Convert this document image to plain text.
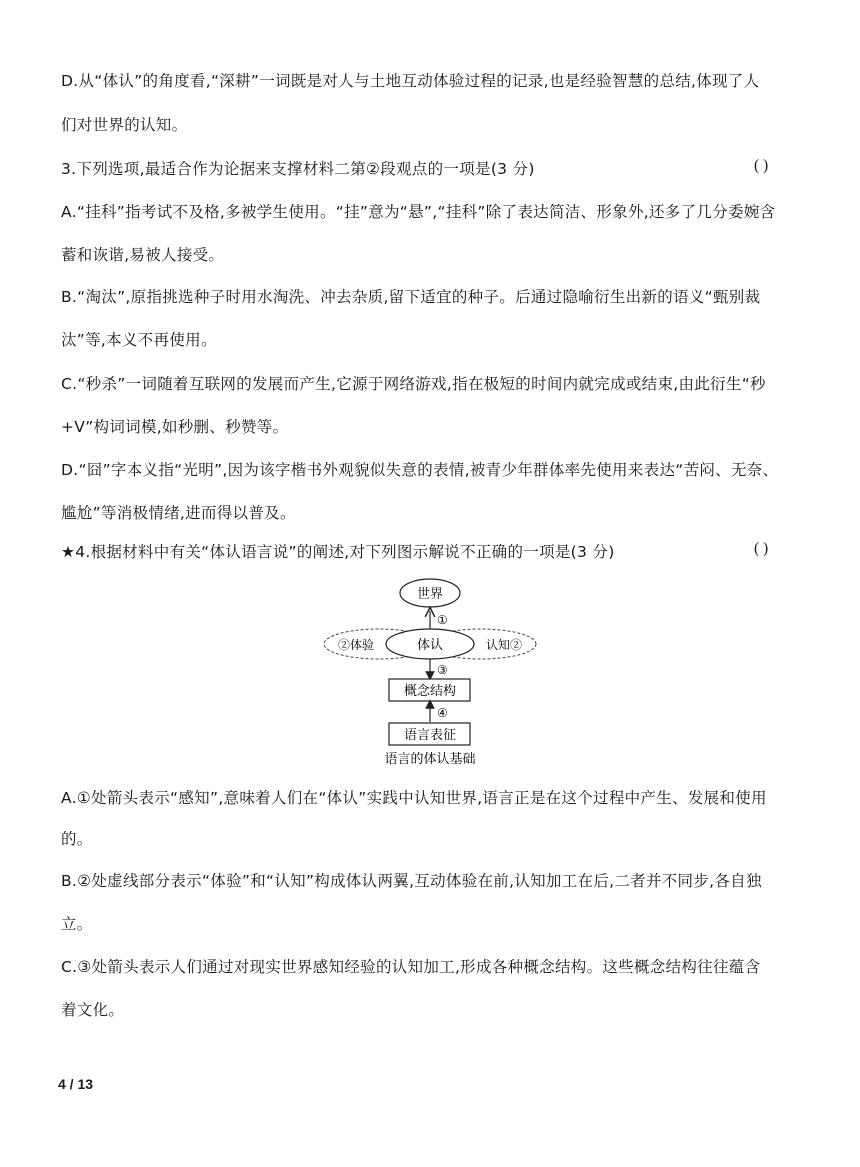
D.从“体认”的角度看,“深耕”一词既是对人与土地互动体验过程的记录,也是经验智慧的总结,体现了人
们对世界的认知。
3.下列选项,最适合作为论据来支撑材料二第②段观点的一项是(3 分)	( )
A.“挂科”指考试不及格,多被学生使用。“挂”意为“悬”,“挂科”除了表达简洁、形象外,还多了几分委婉含
蓄和诙谐,易被人接受。
B.“淘汰”,原指挑选种子时用水淘洗、冲去杂质,留下适宜的种子。后通过隐喻衍生出新的语义“甄别裁
汰”等,本义不再使用。
C.“秒杀”一词随着互联网的发展而产生,它源于网络游戏,指在极短的时间内就完成或结束,由此衍生“秒
+V”构词词模,如秒删、秒赞等。
D.“囧”字本义指“光明”,因为该字楷书外观貌似失意的表情,被青少年群体率先使用来表达“苦闷、无奈、
尴尬”等消极情绪,进而得以普及。
★4.根据材料中有关“体认语言说”的阐述,对下列图示解说不正确的一项是(3 分)	( )
世界
①
体认
②体验	认知②
③
概念结构
④
语言表征
语言的体认基础
A.①处箭头表示“感知”,意味着人们在“体认”实践中认知世界,语言正是在这个过程中产生、发展和使用
的。
B.②处虚线部分表示“体验”和“认知”构成体认两翼,互动体验在前,认知加工在后,二者并不同步,各自独
立。
C.③处箭头表示人们通过对现实世界感知经验的认知加工,形成各种概念结构。这些概念结构往往蕴含
着文化。
4 / 13
